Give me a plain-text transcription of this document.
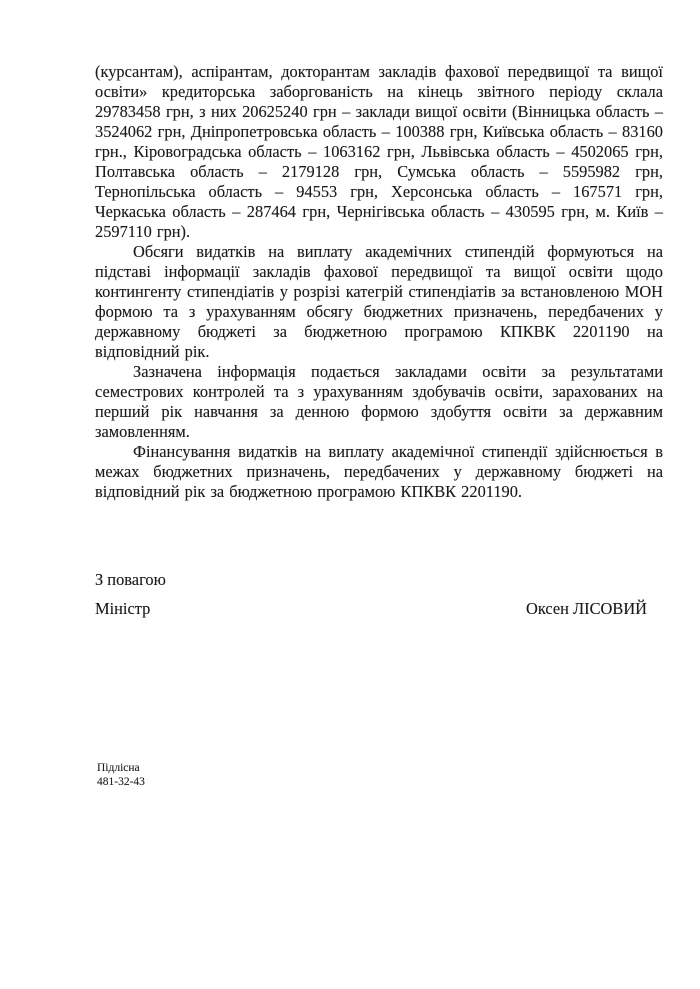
(курсантам), аспірантам, докторантам закладів фахової передвищої та вищої освіти» кредиторська заборгованість на кінець звітного періоду склала 29783458 грн, з них 20625240 грн – заклади вищої освіти (Вінницька область – 3524062 грн, Дніпропетровська область – 100388 грн, Київська область – 83160 грн., Кіровоградська область – 1063162 грн, Львівська область – 4502065 грн, Полтавська область – 2179128 грн, Сумська область – 5595982 грн, Тернопільська область – 94553 грн, Херсонська область – 167571 грн, Черкаська область – 287464 грн, Чернігівська область – 430595 грн, м. Київ – 2597110 грн).

Обсяги видатків на виплату академічних стипендій формуються на підставі інформації закладів фахової передвищої та вищої освіти щодо контингенту стипендіатів у розрізі категрій стипендіатів за встановленою МОН формою та з урахуванням обсягу бюджетних призначень, передбачених у державному бюджеті за бюджетною програмою КПКВК 2201190 на відповідний рік.

Зазначена інформація подається закладами освіти за результатами семестрових контролей та з урахуванням здобувачів освіти, зарахованих на перший рік навчання за денною формою здобуття освіти за державним замовленням.

Фінансування видатків на виплату академічної стипендії здійснюється в межах бюджетних призначень, передбачених у державному бюджеті на відповідний рік за бюджетною програмою КПКВК 2201190.

З повагою
Міністр	Оксен ЛІСОВИЙ
Підлісна
481-32-43
